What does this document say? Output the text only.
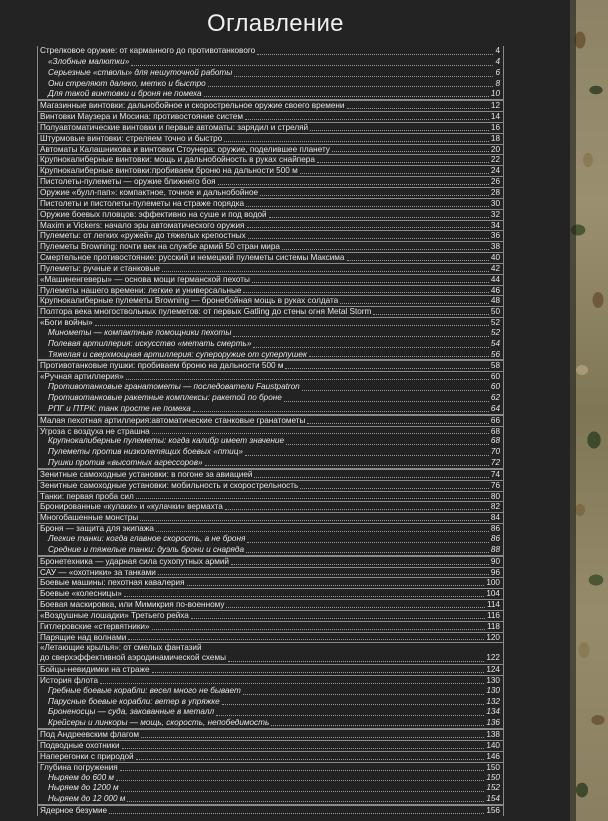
Оглавление
Стрелковое оружие: от карманного до противотанкового	4
«Злобные малютки»	4
Серьезные «стволы» для нешуточной работы	6
Они стреляют далеко, метко и быстро	8
Для такой винтовки и броня не помеха	10
Магазинные винтовки: дальнобойное и скорострельное оружие своего времени	12
Винтовки Маузера и Мосина: противостояние систем	14
Полуавтоматические винтовки и первые автоматы: зарядил и стреляй	16
Штурмовые винтовки: стреляем точно и быстро	18
Автоматы Калашникова и винтовки Стоунера: оружие, поделившее планету	20
Крупнокалиберные винтовки: мощь и дальнобойность в руках снайпера	22
Крупнокалиберные винтовки:пробиваем броню на дальности 500 м	24
Пистолеты-пулеметы — оружие ближнего боя	26
Оружие «булл-пап»: компактное, точное и дальнобойное	28
Пистолеты и пистолеты-пулеметы на страже порядка	30
Оружие боевых пловцов: эффективно на суше и под водой	32
Maxim и Vickers: начало эры автоматического оружия	34
Пулеметы: от легких «ружей» до тяжелых крепостных	36
Пулеметы Browning: почти век на службе армий 50 стран мира	38
Смертельное противостояние: русский и немецкий пулеметы системы Максима	40
Пулеметы: ручные и станковые	42
«Машиненгеверы» — основа мощи германской пехоты	44
Пулеметы нашего времени: легкие и универсальные	46
Крупнокалиберные пулеметы Browning — бронебойная мощь в руках солдата	48
Полтора века многоствольных пулеметов: от первых Gatling до стены огня Metal Storm	50
«Боги войны»	52
Минометы — компактные помощники пехоты	52
Полевая артиллерия: искусство «метать смерть»	54
Тяжелая и сверхмощная артиллерия: супероружие от суперпушек	56
Противотанковые пушки: пробиваем броню на дальности 500 м	58
«Ручная артиллерия»	60
Противотанковые гранатометы — последователи Faustpatron	60
Противотанковые ракетные комплексы: ракетой по броне	62
РПГ и ПТРК: танк просте не помеха	64
Малая пехотная артиллерия:автоматические станковые гранатометы	66
Угроза с воздуха не страшна	68
Крупнокалиберные пулеметы: когда калибр имеет значение	68
Пулеметы против низколетящих боевых «птиц»	70
Пушки против «высотных агрессоров»	72
Зенитные самоходные установки: в погоне за авиацией	74
Зенитные самоходные установки: мобильность и скорострельность	76
Танки: первая проба сил	80
Бронированные «кулаки» и «кулачки» вермахта	82
Многобашенные монстры	84
Броня — защита для экипажа	86
Легкие танки: когда главное скорость, а не броня	86
Средние и тяжелые танки: дуэль брони и снаряда	88
Бронетехника — ударная сила сухопутных армий	90
САУ — «охотники» за танками	96
Боевые машины: пехотная кавалерия	100
Боевые «колесницы»	104
Боевая маскировка, или Мимикрия по-военному	114
«Воздушные лошадки» Третьего рейха	116
Гитлеровские «стервятники»	118
Парящие над волнами	120
«Летающие крылья»: от смелых фантазий
до сверхэффективной аэродинамической схемы	122
Бойцы-невидимки на страже	124
История флота	130
Гребные боевые корабли: весел много не бывает	130
Парусные боевые корабли: ветер в упряжке	132
Броненосцы — суда, закованные в металл	134
Крейсеры и линкоры — мощь, скорость, непобедимость	136
Под Андреевским флагом	138
Подводные охотники	140
Наперегонки с природой	146
Глубина погружения	150
Ныряем до 600 м	150
Ныряем до 1200 м	152
Ныряем до 12 000 м	154
Ядерное безумие	156
